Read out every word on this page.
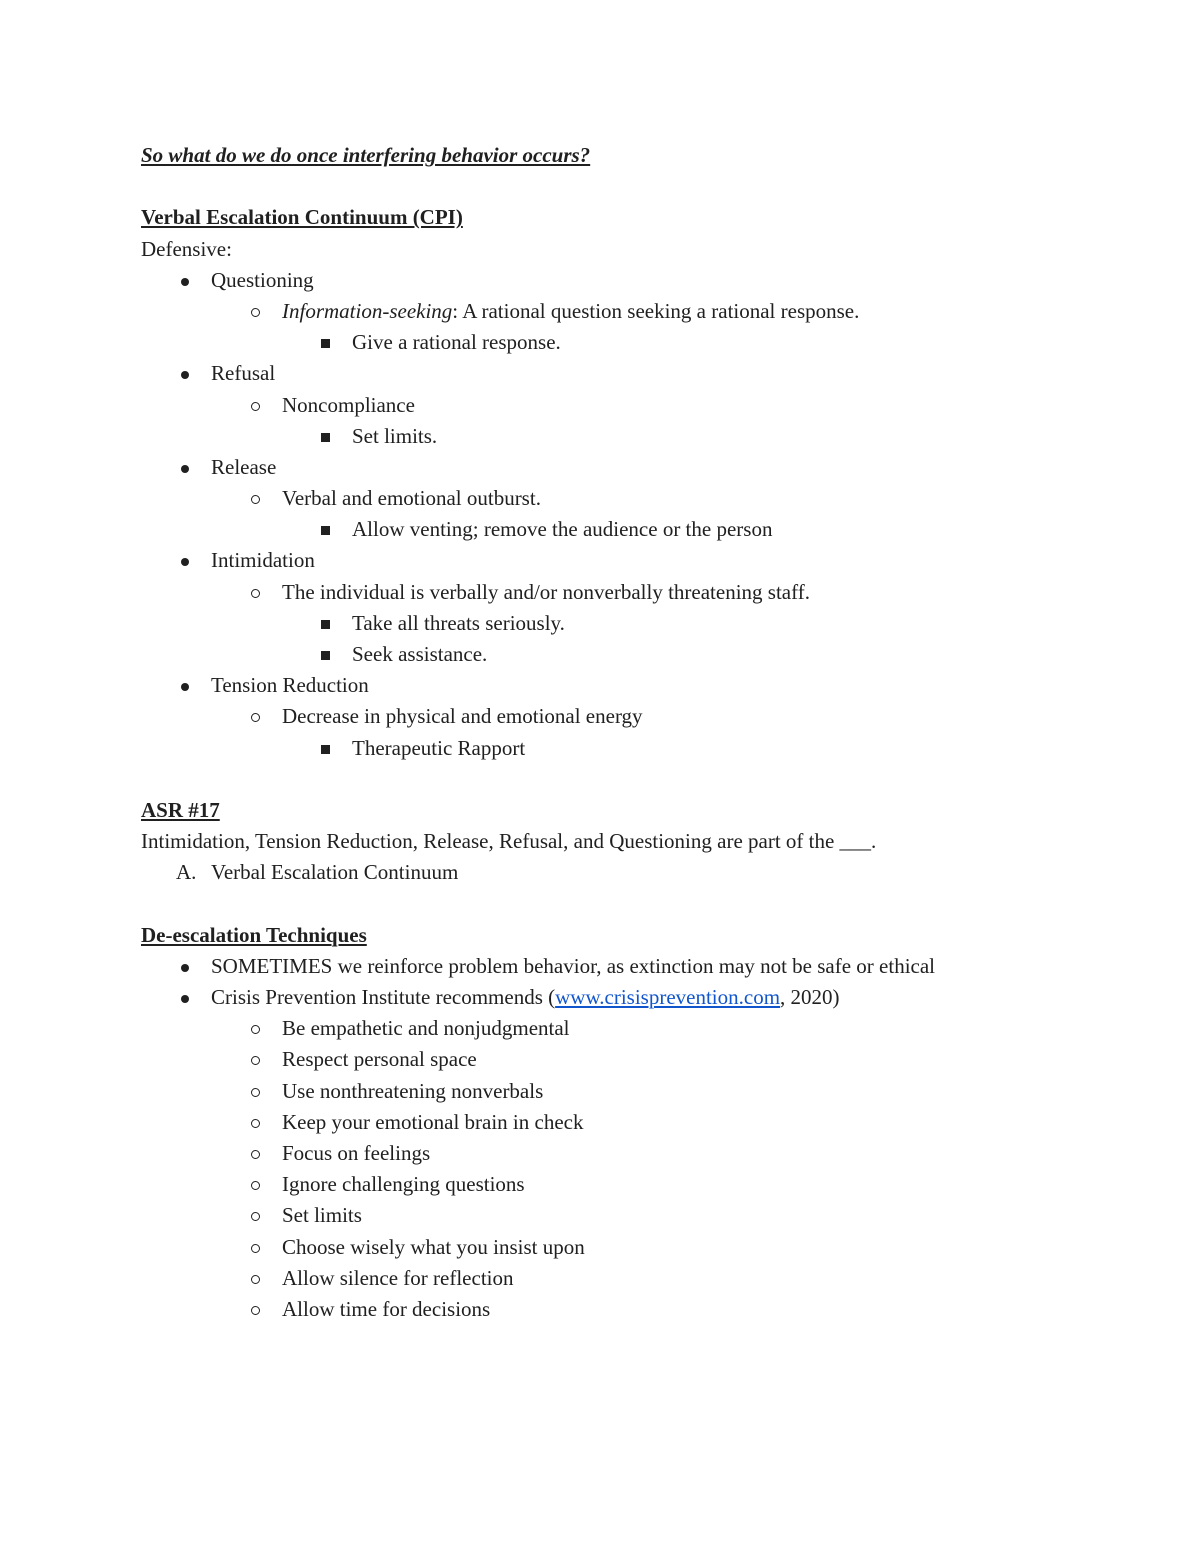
So what do we do once interfering behavior occurs?
Verbal Escalation Continuum (CPI)
Defensive:
Questioning
Information-seeking: A rational question seeking a rational response.
Give a rational response.
Refusal
Noncompliance
Set limits.
Release
Verbal and emotional outburst.
Allow venting; remove the audience or the person
Intimidation
The individual is verbally and/or nonverbally threatening staff.
Take all threats seriously.
Seek assistance.
Tension Reduction
Decrease in physical and emotional energy
Therapeutic Rapport
ASR #17
Intimidation, Tension Reduction, Release, Refusal, and Questioning are part of the ___.
A. Verbal Escalation Continuum
De-escalation Techniques
SOMETIMES we reinforce problem behavior, as extinction may not be safe or ethical
Crisis Prevention Institute recommends (www.crisisprevention.com, 2020)
Be empathetic and nonjudgmental
Respect personal space
Use nonthreatening nonverbals
Keep your emotional brain in check
Focus on feelings
Ignore challenging questions
Set limits
Choose wisely what you insist upon
Allow silence for reflection
Allow time for decisions
